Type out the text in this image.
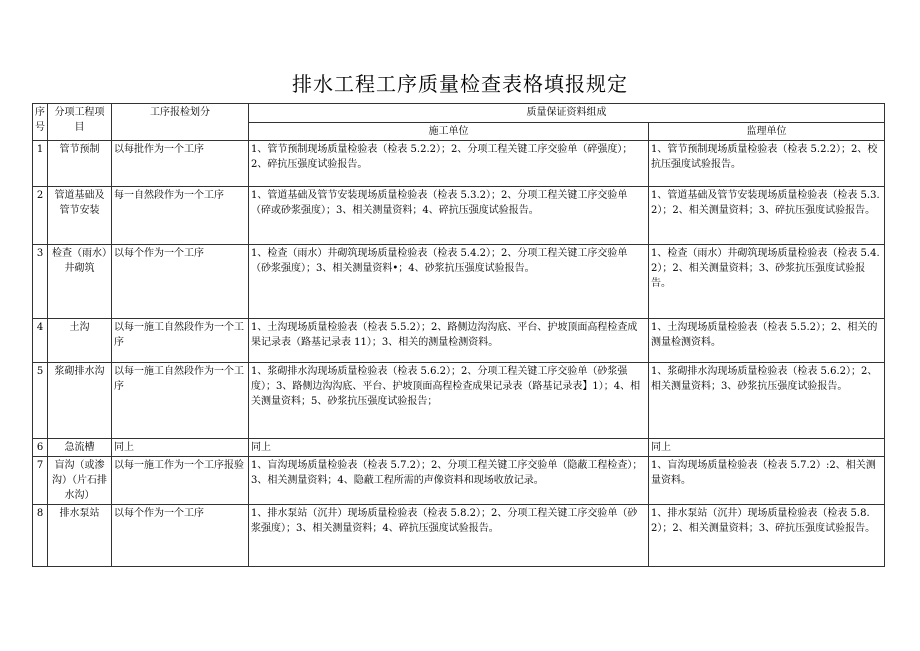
排水工程工序质量检查表格填报规定
序号	分项工程项目	工序报检划分	质量保证资料组成	
			施工单位	监理单位
1	管节预制	以每批作为一个工序	1、管节预制现场质量检验表（检表 5.2.2）；2、分项工程关键工序交验单（碎强度）；2、碎抗压强度试验报告。	1、管节预制现场质量检验表（检表 5.2.2）；2、校抗压强度试验报告。
2	管道基础及管节安装	每一自然段作为一个工序	1、管道基础及管节安装现场质量检验表（检表 5.3.2）；2、分项工程关键工序交验单（碎或砂浆强度）；3、相关测量资料；4、碎抗压强度试验报告。	1、管道基础及管节安装现场质量检验表（检表 5.3.2）；2、相关测量资料；3、碎抗压强度试验报告。
3	检查（雨水）井砌筑	以每个作为一个工序	1、检查（雨水）井砌筑现场质量检验表（检表 5.4.2）；2、分项工程关键工序交验单（砂浆强度）；3、相关测量资料•；4、砂浆抗压强度试验报告。	1、检查（雨水）井砌筑现场质量检验表（检表 5.4.2）；2、相关测量资料；3、砂浆抗压强度试验报告。
4	土沟	以每一施工自然段作为一个工序	1、土沟现场质量检验表（检表 5.5.2）；2、路侧边沟沟底、平台、护坡顶面高程检查成果记录表（路基记录表 11）；3、相关的测量检测资料。	1、土沟现场质量检验表（检表 5.5.2）；2、相关的测量检测资料。
5	浆砌排水沟	以每一施工自然段作为一个工序	1、浆砌排水沟现场质量检验表（检表 5.6.2）；2、分项工程关键工序交验单（砂浆强度）；3、路侧边沟沟底、平台、护坡顶面高程检查成果记录表（路基记录表】1）；4、相关测量资料；5、砂浆抗压强度试验报告；	1、浆砌排水沟现场质量检验表（检表 5.6.2）；2、相关测量资料；3、砂浆抗压强度试验报告。
6	急流槽	同上	同上	同上
7	盲沟（或渗沟）（片石排水沟）	以每一施工作为一个工序报验	1、盲沟现场质量检验表（检表 5.7.2）；2、分项工程关键工序交验单（隐蔽工程检查）；3、相关测量资料；4、隐蔽工程所需的声像资料和现场收放记录。	1、盲沟现场质量检验表（检表 5.7.2）:2、相关测量资料。
8	排水泵站	以每个作为一个工序	1、排水泵站（沉井）现场质量检验表（检表 5.8.2）；2、分项工程关键工序交验单（砂浆强度）；3、相关测量资料；4、碎抗压强度试验报告。	1、排水泵站（沉井）现场质量检验表（检表 5.8.2）；2、相关测量资料；3、碎抗压强度试验报告。
